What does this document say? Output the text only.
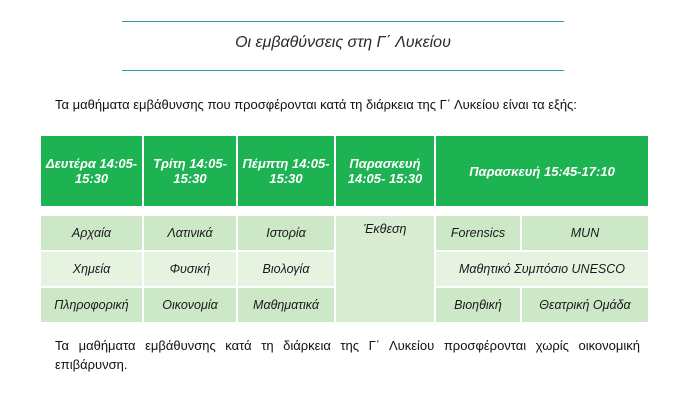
Οι εμβαθύνσεις στη Γ΄ Λυκείου
Τα μαθήματα εμβάθυνσης που προσφέρονται κατά τη διάρκεια της Γ΄ Λυκείου είναι τα εξής:
Δευτέρα 14:05-15:30	Τρίτη 14:05- 15:30	Πέμπτη 14:05- 15:30	Παρασκευή 14:05- 15:30	Παρασκευή 15:45-17:10	

Αρχαία	Λατινικά	Ιστορία	Έκθεση	Forensics	MUN
Χημεία	Φυσική	Βιολογία		Μαθητικό Συμπόσιο UNESCO	
Πληροφορική	Οικονομία	Μαθηματικά		Βιοηθική	Θεατρική Ομάδα
Τα μαθήματα εμβάθυνσης κατά τη διάρκεια της Γ΄ Λυκείου προσφέρονται χωρίς οικονομική επιβάρυνση.
